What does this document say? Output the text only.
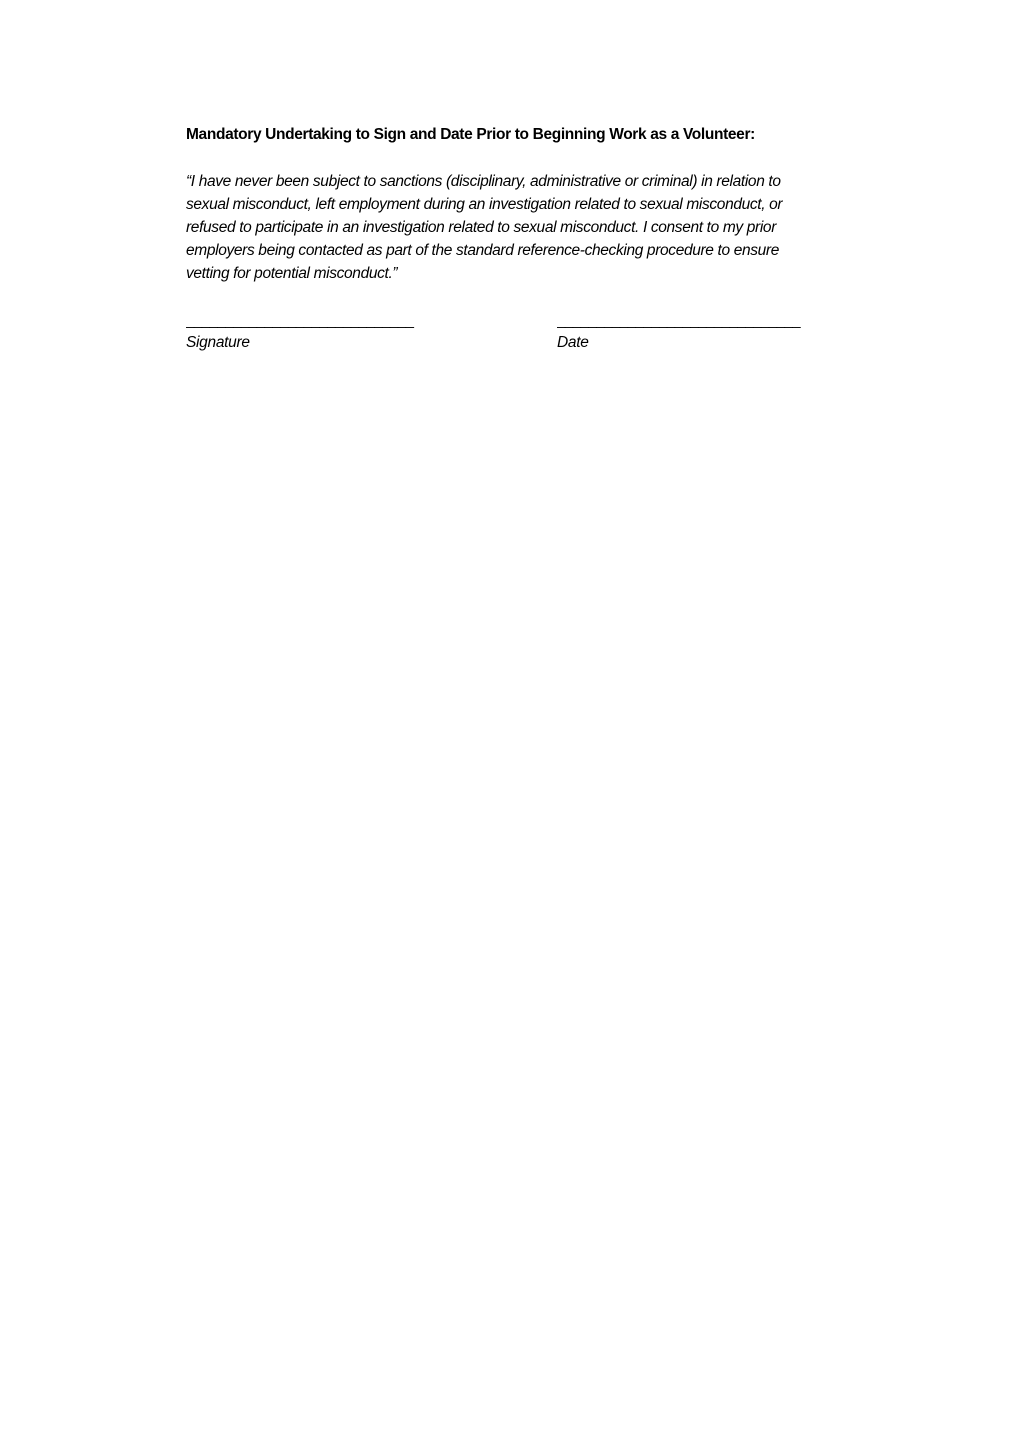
Mandatory Undertaking to Sign and Date Prior to Beginning Work as a Volunteer:

“I have never been subject to sanctions (disciplinary, administrative or criminal) in relation to
sexual misconduct, left employment during an investigation related to sexual misconduct, or
refused to participate in an investigation related to sexual misconduct. I consent to my prior
employers being contacted as part of the standard reference-checking procedure to ensure
vetting for potential misconduct.”

_____________________________
Signature
_______________________________
Date
